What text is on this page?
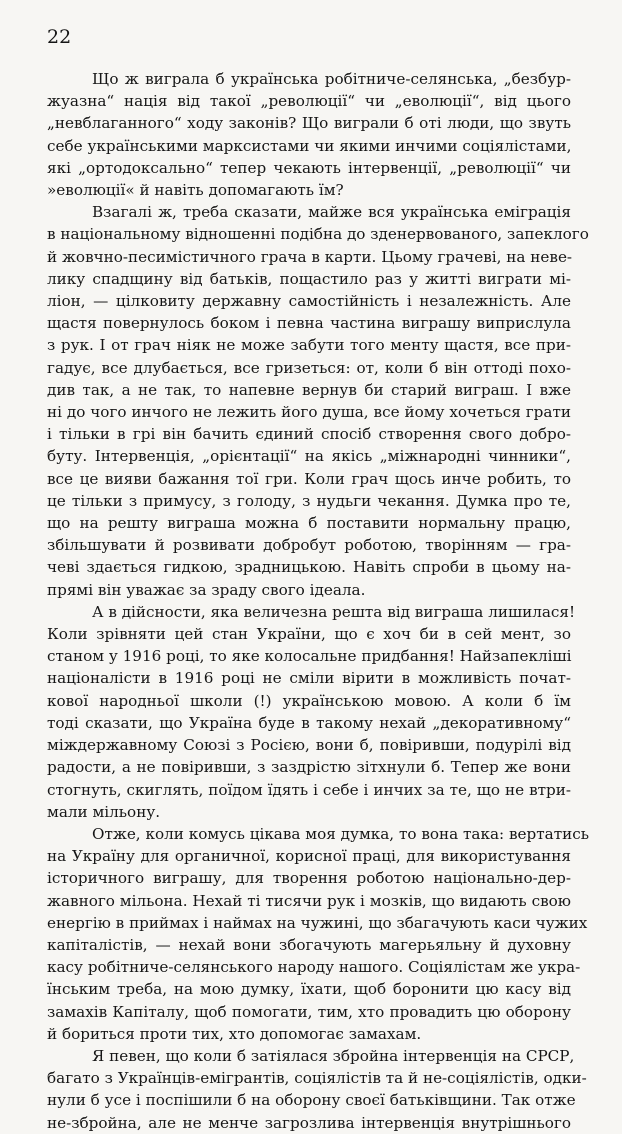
22

Що ж виграла б українська робітниче-селянська, „безбур-
жуазна“ нація від такої „революції“ чи „еволюції“, від цього
„невблаганного“ ходу законів? Що виграли б оті люди, що звуть
себе українськими марксистами чи якими инчими соціялістами,
які „ортодоксально“ тепер чекають інтервенції, „революції“ чи
»еволюції« й навіть допомагають їм?

Взагалі ж, треба сказати, майже вся українська еміграція
в національному відношенні подібна до зденервованого, запеклого
й жовчно-песимістичного грача в карти. Цьому грачеві, на невe-
лику спадщину від батьків, пощастило раз у житті виграти мі-
ліон, — цілковиту державну самостійність і незалежність. Але
щастя повернулось боком і певна частина виграшу виприслула
з рук. І от грач ніяк не може забути того менту щастя, все при-
гадує, все длубається, все гризеться: от, коли б він оттоді похо-
див так, а не так, то напевне вернув би старий виграш. І вже
ні до чого инчого не лежить його душа, все йому хочеться грати
і тільки в грі він бачить єдиний спосіб створення свого добро-
буту. Інтервенція, „орієнтації“ на якісь „міжнародні чинники“,
все це вияви бажання тої гри. Коли грач щось инче робить, то
це тільки з примусу, з голоду, з нудьги чекання. Думка про те,
що на решту виграша можна б поставити нормальну працю,
збільшувати й розвивати добробут роботою, творінням — гра-
чеві здається гидкою, зрадницькою. Навіть спроби в цьому на-
прямі він уважає за зраду свого ідеала.

А в дійсности, яка величезна решта від виграша лишилася!
Коли зрівняти цей стан України, що є хоч би в сей мент, зо
станом у 1916 році, то яке колосальне придбання! Найзапекліші
націоналісти в 1916 році не сміли вірити в можливість почат-
кової народньої школи (!) українською мовою. А коли б їм
тоді сказати, що Україна буде в такому нехай „декоративному“
міждержавному Союзі з Росією, вони б, повіривши, подурілі від
радости, а не повіривши, з заздрістю зітхнули б. Тепер же вони
стогнуть, скиглять, поїдом їдять і себе і инчих за те, що не втри-
мали мільону.

Отже, коли комусь цікава моя думка, то вона така: вертатись
на Україну для органичної, корисної праці, для використування
історичного виграшу, для творення роботою національно-дер-
жавного мільона. Нехай ті тисячи рук і мозків, що видають свою
енергію в приймах і наймах на чужині, що збагачують каси чужих
капіталістів, — нехай вони збогачують магерьяльну й духовну
касу робітниче-селянського народу нашого. Соціялістам же укра-
їнським треба, на мою думку, їхати, щоб боронити цю касу від
замахів Капіталу, щоб помогати, тим, хто провадить цю оборону
й бориться проти тих, хто допомогає замахам.

Я певен, що коли б затіялася збройна інтервенція на СРСР,
багато з Українців-емігрантів, соціялістів та й не-соціялістів, одки-
нули б усе і поспішили б на оборону своєї батьківщини. Так отже
не-збройна, але не менче загрозлива інтервенція внутрішнього
